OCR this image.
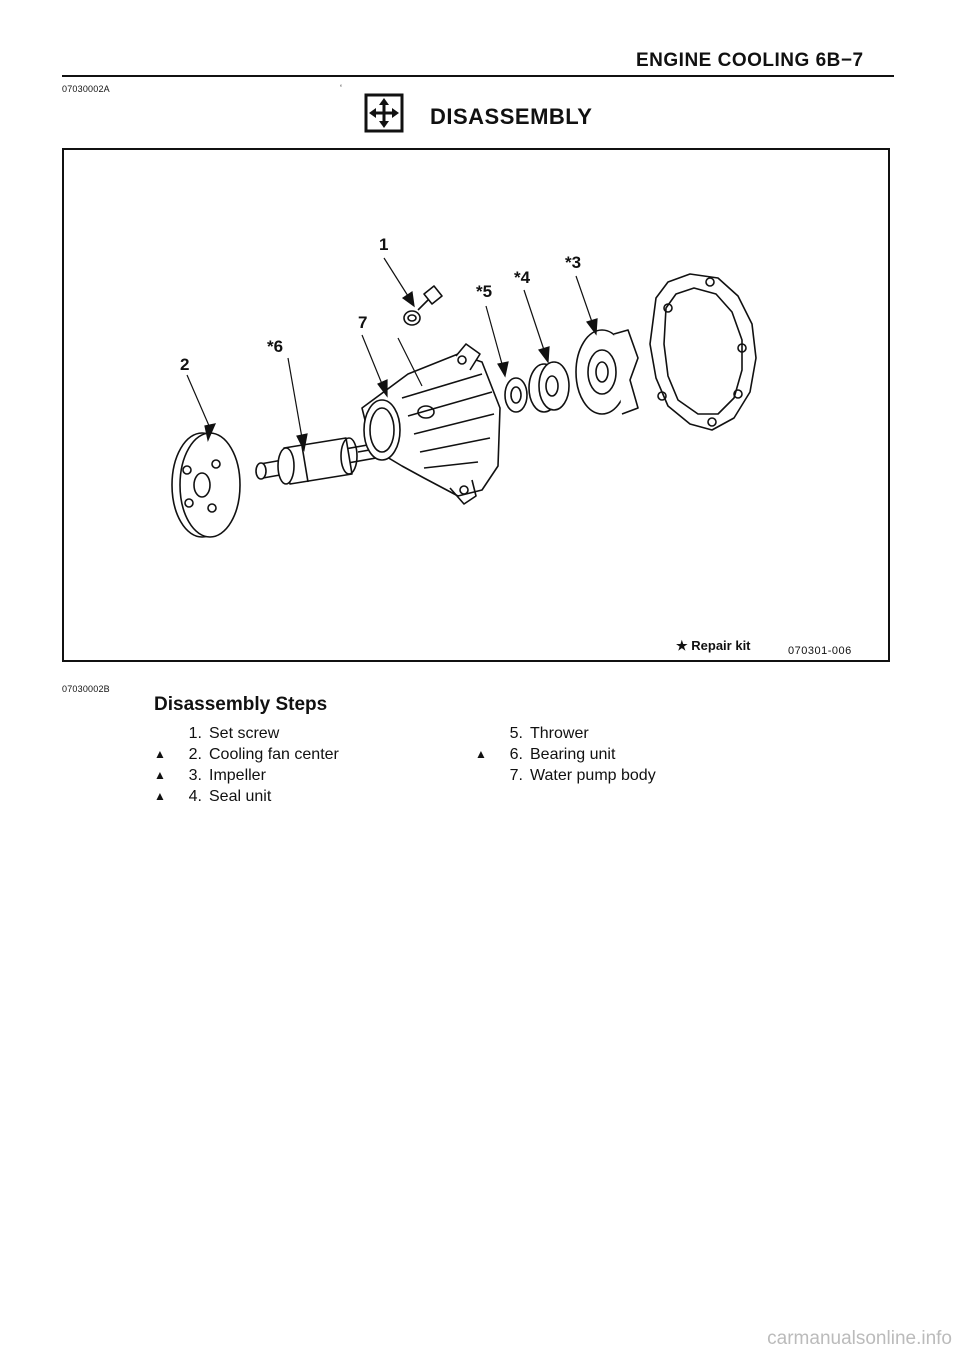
ENGINE COOLING 6B−7
07030002A	‘
DISASSEMBLY
1
2
*3
*4
*5
*6
7
★ Repair kit	070301-006
07030002B
Disassembly Steps
1. Set screw
▲	2. Cooling fan center
▲	3. Impeller
▲	4. Seal unit
5. Thrower
▲	6. Bearing unit
7. Water pump body
carmanualsonline.info
